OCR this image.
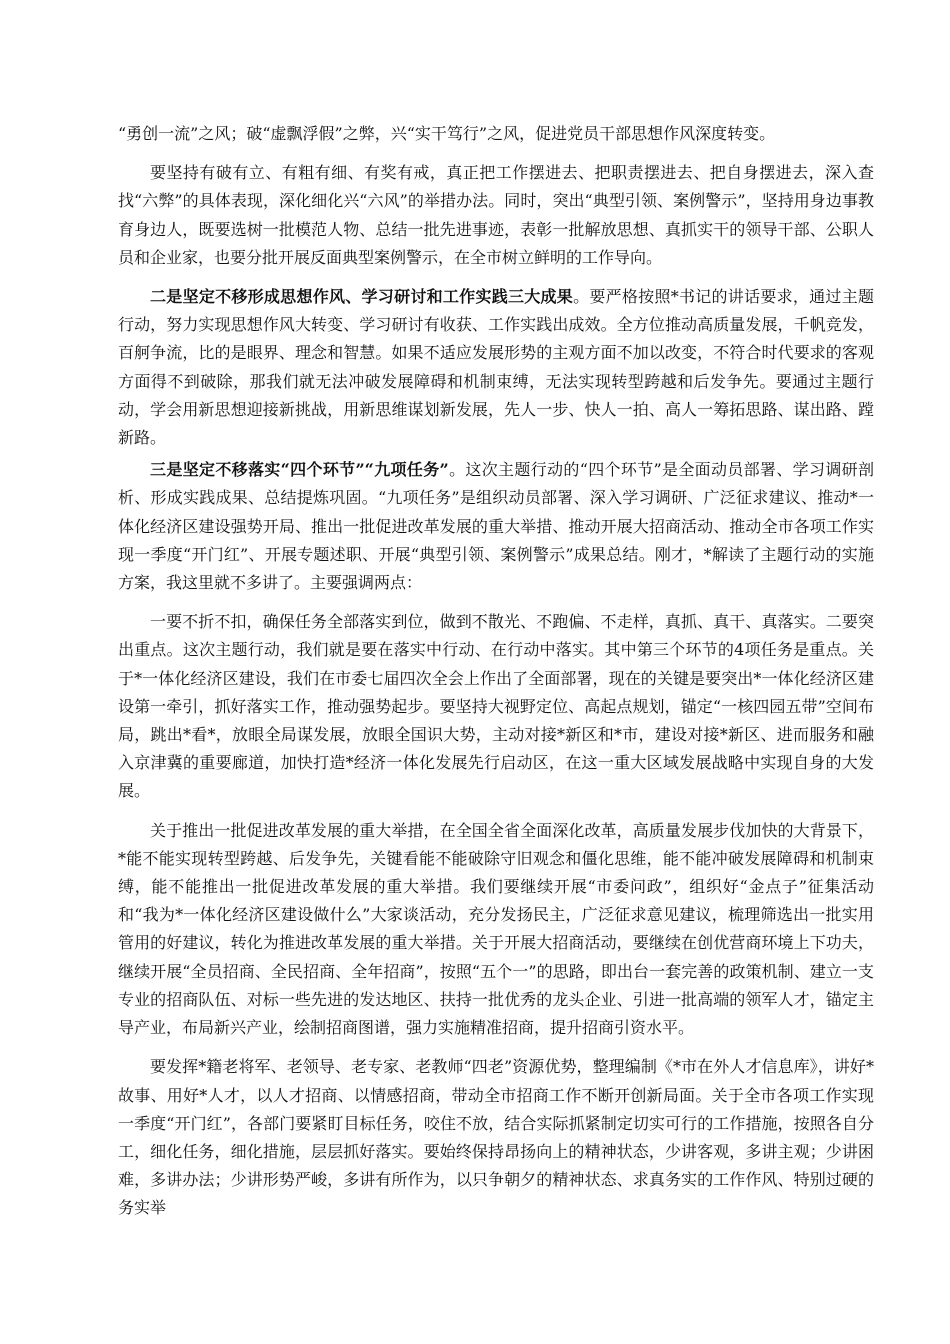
“勇创一流”之风；破“虚飘浮假”之弊，兴“实干笃行”之风，促进党员干部思想作风深度转变。

要坚持有破有立、有粗有细、有奖有戒，真正把工作摆进去、把职责摆进去、把自身摆进去，深入查找“六弊”的具体表现，深化细化兴“六风”的举措办法。同时，突出“典型引领、案例警示”，坚持用身边事教育身边人，既要选树一批模范人物、总结一批先进事迹，表彰一批解放思想、真抓实干的领导干部、公职人员和企业家，也要分批开展反面典型案例警示，在全市树立鲜明的工作导向。

二是坚定不移形成思想作风、学习研讨和工作实践三大成果。要严格按照*书记的讲话要求，通过主题行动，努力实现思想作风大转变、学习研讨有收获、工作实践出成效。全方位推动高质量发展，千帆竞发，百舸争流，比的是眼界、理念和智慧。如果不适应发展形势的主观方面不加以改变，不符合时代要求的客观方面得不到破除，那我们就无法冲破发展障碍和机制束缚，无法实现转型跨越和后发争先。要通过主题行动，学会用新思想迎接新挑战，用新思维谋划新发展，先人一步、快人一拍、高人一筹拓思路、谋出路、蹚新路。

三是坚定不移落实“四个环节”“九项任务”。这次主题行动的“四个环节”是全面动员部署、学习调研剖析、形成实践成果、总结提炼巩固。“九项任务”是组织动员部署、深入学习调研、广泛征求建议、推动*一体化经济区建设强势开局、推出一批促进改革发展的重大举措、推动开展大招商活动、推动全市各项工作实现一季度“开门红”、开展专题述职、开展“典型引领、案例警示”成果总结。刚才，*解读了主题行动的实施方案，我这里就不多讲了。主要强调两点：

一要不折不扣，确保任务全部落实到位，做到不散光、不跑偏、不走样，真抓、真干、真落实。二要突出重点。这次主题行动，我们就是要在落实中行动、在行动中落实。其中第三个环节的4项任务是重点。关于*一体化经济区建设，我们在市委七届四次全会上作出了全面部署，现在的关键是要突出*一体化经济区建设第一牵引，抓好落实工作，推动强势起步。要坚持大视野定位、高起点规划，锚定“一核四园五带”空间布局，跳出*看*，放眼全局谋发展，放眼全国识大势，主动对接*新区和*市，建设对接*新区、进而服务和融入京津冀的重要廊道，加快打造*经济一体化发展先行启动区，在这一重大区域发展战略中实现自身的大发展。

关于推出一批促进改革发展的重大举措，在全国全省全面深化改革，高质量发展步伐加快的大背景下，*能不能实现转型跨越、后发争先，关键看能不能破除守旧观念和僵化思维，能不能冲破发展障碍和机制束缚，能不能推出一批促进改革发展的重大举措。我们要继续开展“市委问政”，组织好“金点子”征集活动和“我为*一体化经济区建设做什么”大家谈活动，充分发扬民主，广泛征求意见建议，梳理筛选出一批实用管用的好建议，转化为推进改革发展的重大举措。关于开展大招商活动，要继续在创优营商环境上下功夫，继续开展“全员招商、全民招商、全年招商”，按照“五个一”的思路，即出台一套完善的政策机制、建立一支专业的招商队伍、对标一些先进的发达地区、扶持一批优秀的龙头企业、引进一批高端的领军人才，锚定主导产业，布局新兴产业，绘制招商图谱，强力实施精准招商，提升招商引资水平。

要发挥*籍老将军、老领导、老专家、老教师“四老”资源优势，整理编制《*市在外人才信息库》，讲好*故事、用好*人才，以人才招商、以情感招商，带动全市招商工作不断开创新局面。关于全市各项工作实现一季度“开门红”，各部门要紧盯目标任务，咬住不放，结合实际抓紧制定切实可行的工作措施，按照各自分工，细化任务，细化措施，层层抓好落实。要始终保持昂扬向上的精神状态，少讲客观，多讲主观；少讲困难，多讲办法；少讲形势严峻，多讲有所作为，以只争朝夕的精神状态、求真务实的工作作风、特别过硬的务实举
